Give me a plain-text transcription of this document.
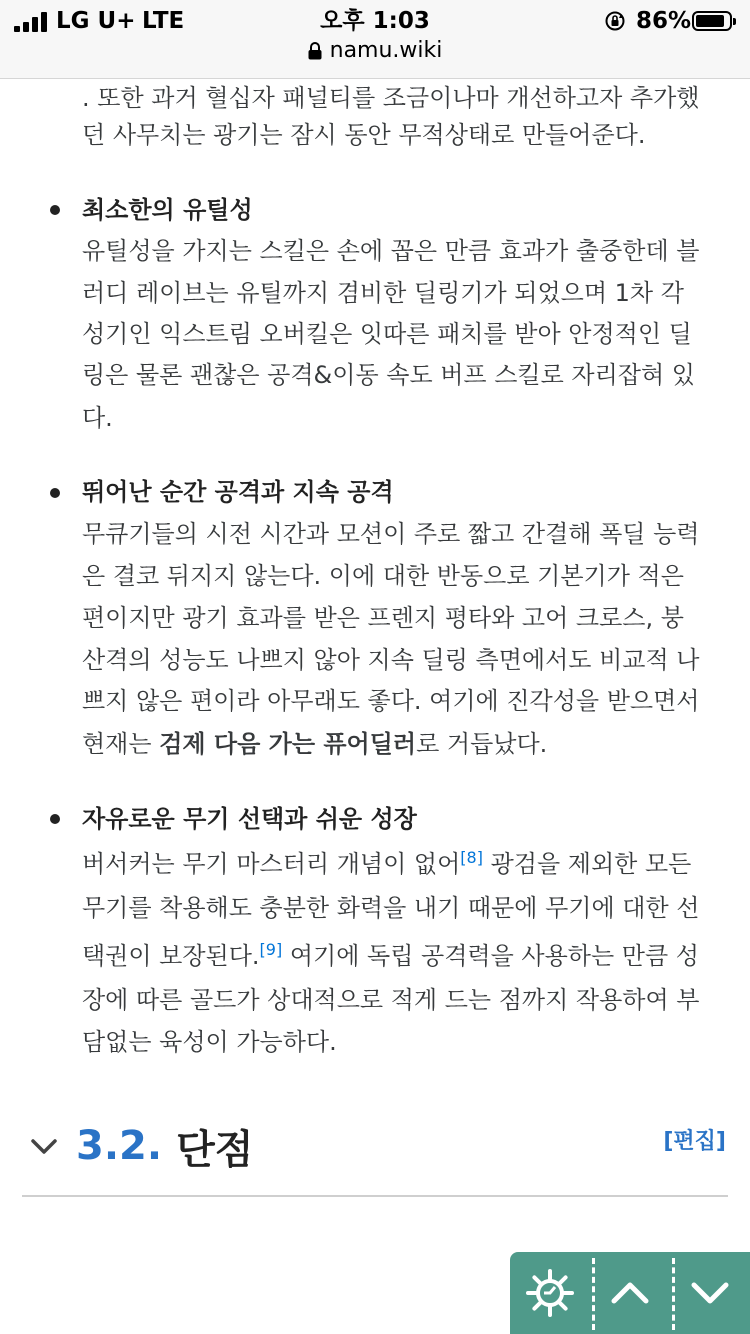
LG U+ LTE	오후 1:03	86%
namu.wiki
. 또한 과거 혈십자 패널티를 조금이나마 개선하고자 추가했
던 사무치는 광기는 잠시 동안 무적상태로 만들어준다.
최소한의 유틸성
유틸성을 가지는 스킬은 손에 꼽은 만큼 효과가 출중한데 블
러디 레이브는 유틸까지 겸비한 딜링기가 되었으며 1차 각
성기인 익스트림 오버킬은 잇따른 패치를 받아 안정적인 딜
링은 물론 괜찮은 공격&이동 속도 버프 스킬로 자리잡혀 있
다.
뛰어난 순간 공격과 지속 공격
무큐기들의 시전 시간과 모션이 주로 짧고 간결해 폭딜 능력
은 결코 뒤지지 않는다. 이에 대한 반동으로 기본기가 적은
편이지만 광기 효과를 받은 프렌지 평타와 고어 크로스, 붕
산격의 성능도 나쁘지 않아 지속 딜링 측면에서도 비교적 나
쁘지 않은 편이라 아무래도 좋다. 여기에 진각성을 받으면서
현재는 검제 다음 가는 퓨어딜러로 거듭났다.
자유로운 무기 선택과 쉬운 성장
버서커는 무기 마스터리 개념이 없어[8] 광검을 제외한 모든
무기를 착용해도 충분한 화력을 내기 때문에 무기에 대한 선
택권이 보장된다.[9] 여기에 독립 공격력을 사용하는 만큼 성
장에 따른 골드가 상대적으로 적게 드는 점까지 작용하여 부
담없는 육성이 가능하다.
3.2. 단점	[편집]
